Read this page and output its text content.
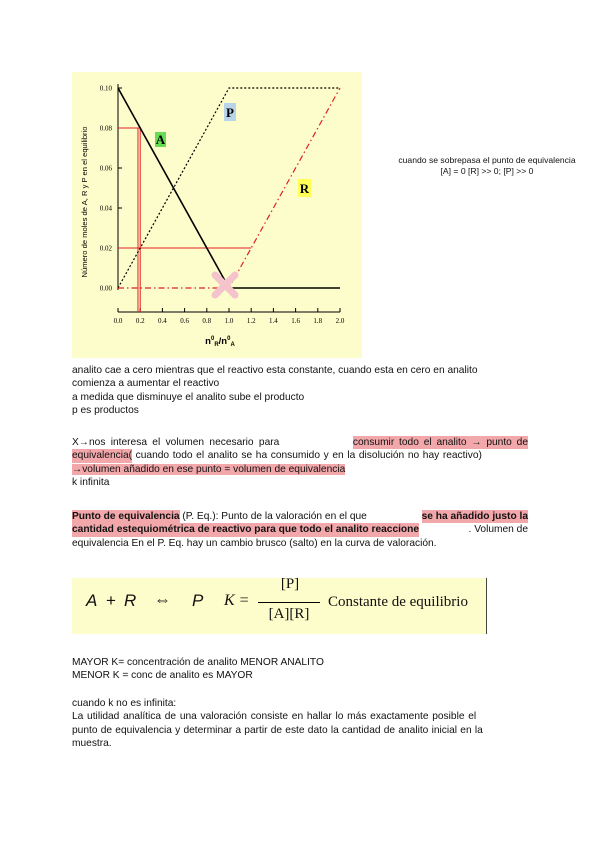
0.10
0.08
0.06
0.04
0.02
0.00
0.0 0.2 0.4 0.6 0.8 1.0 1.2 1.4 1.6 1.8 2.0
Número de moles de A, R y P en el equilibrio
$n^0_R/n^0_A$
A
P
R
cuando se sobrepasa el punto de equivalencia
[A] = 0 [R] >> 0; [P] >> 0
analito cae a cero mientras que el reactivo esta constante, cuando esta en cero en analito
comienza a aumentar el reactivo
a medida que disminuye el analito sube el producto
p es productos
X→nos interesa el volumen necesario para	consumir todo el analito → punto de
equivalencia( cuando todo el analito se ha consumido y en la disolución no hay reactivo)
→volumen añadido en ese punto = volumen de equivalencia
k infinita
Punto de equivalencia (P. Eq.): Punto de la valoración en el que	se ha añadido justo la
cantidad estequiométrica de reactivo para que todo el analito reaccione	. Volumen de
equivalencia En el P. Eq. hay un cambio brusco (salto) en la curva de valoración.
A + R ⇔ P K =
[P]
[A][R]
Constante de equilibrio
MAYOR K= concentración de analito MENOR ANALITO
MENOR K = conc de analito es MAYOR
cuando k no es infinita:
La utilidad analítica de una valoración consiste en hallar lo más exactamente posible el
punto de equivalencia y determinar a partir de este dato la cantidad de analito inicial en la
muestra.
